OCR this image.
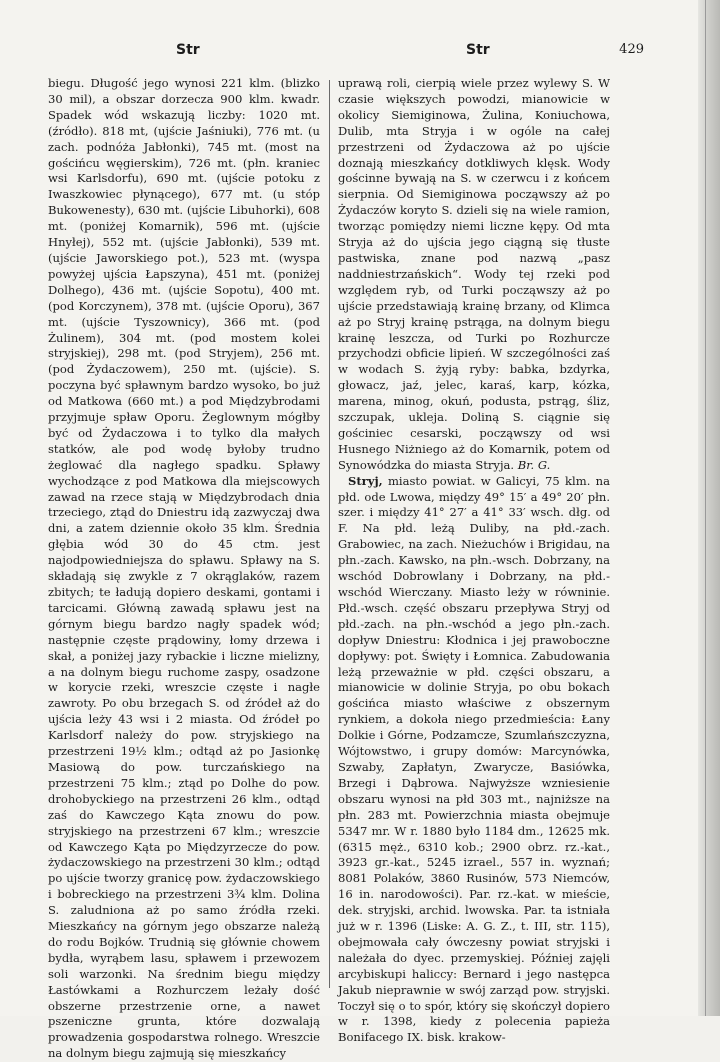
Str	Str	429

biegu. Długość jego wynosi 221 klm. (blizko 30 mil), a obszar dorzecza 900 klm. kwadr. Spadek wód wskazują liczby: 1020 mt. (źródło). 818 mt, (ujście Jaśniuki), 776 mt. (u zach. podnóża Jabłonki), 745 mt. (most na gościńcu węgierskim), 726 mt. (płn. kraniec wsi Karlsdorfu), 690 mt. (ujście potoku z Iwaszkowiec płynącego), 677 mt. (u stóp Bukowenesty), 630 mt. (ujście Libuhorki), 608 mt. (poniżej Komarnik), 596 mt. (ujście Hnyłej), 552 mt. (ujście Jabłonki), 539 mt. (ujście Jaworskiego pot.), 523 mt. (wyspa powyżej ujścia Łapszyna), 451 mt. (poniżej Dolhego), 436 mt. (ujście Sopotu), 400 mt. (pod Korczynem), 378 mt. (ujście Oporu), 367 mt. (ujście Tyszownicy), 366 mt. (pod Żulinem), 304 mt. (pod mostem kolei stryjskiej), 298 mt. (pod Stryjem), 256 mt. (pod Żydaczowem), 250 mt. (ujście). S. poczyna być spławnym bardzo wysoko, bo już od Matkowa (660 mt.) a pod Międzybrodami przyjmuje spław Oporu. Żeglownym mógłby być od Żydaczowa i to tylko dla małych statków, ale pod wodę byłoby trudno żeglować dla nagłego spadku. Spławy wychodzące z pod Matkowa dla miejscowych zawad na rzece stają w Międzybrodach dnia trzeciego, ztąd do Dniestru idą zazwyczaj dwa dni, a zatem dziennie około 35 klm. Średnia głębia wód 30 do 45 ctm. jest najodpowiedniejsza do spławu. Spławy na S. składają się zwykle z 7 okrąglaków, razem zbitych; te ładują dopiero deskami, gontami i tarcicami. Główną zawadą spławu jest na górnym biegu bardzo nagły spadek wód; następnie częste prądowiny, łomy drzewa i skał, a poniżej jazy rybackie i liczne mielizny, a na dolnym biegu ruchome zaspy, osadzone w korycie rzeki, wreszcie częste i nagłe zawroty. Po obu brzegach S. od źródeł aż do ujścia leży 43 wsi i 2 miasta. Od źródeł po Karlsdorf należy do pow. stryjskiego na przestrzeni 19½ klm.; odtąd aż po Jasionkę Masiową do pow. turczańskiego na przestrzeni 75 klm.; ztąd po Dolhe do pow. drohobyckiego na przestrzeni 26 klm., odtąd zaś do Kawczego Kąta znowu do pow. stryjskiego na przestrzeni 67 klm.; wreszcie od Kawczego Kąta po Międzyrzecze do pow. żydaczowskiego na przestrzeni 30 klm.; odtąd po ujście tworzy granicę pow. żydaczowskiego i bobreckiego na przestrzeni 3¾ klm. Dolina S. zaludniona aż po samo źródła rzeki. Mieszkańcy na górnym jego obszarze należą do rodu Bojków. Trudnią się głównie chowem bydła, wyrąbem lasu, spławem i przewozem soli warzonki. Na średnim biegu między Łastówkami a Rozhurczem leżały dość obszerne przestrzenie orne, a nawet pszeniczne grunta, które dozwalają prowadzenia gospodarstwa rolnego. Wreszcie na dolnym biegu zajmują się mieszkańcy

uprawą roli, cierpią wiele przez wylewy S. W czasie większych powodzi, mianowicie w okolicy Siemiginowa, Żulina, Koniuchowa, Dulib, mta Stryja i w ogóle na całej przestrzeni od Żydaczowa aż po ujście doznają mieszkańcy dotkliwych klęsk. Wody gościnne bywają na S. w czerwcu i z końcem sierpnia. Od Siemiginowa począwszy aż po Żydaczów koryto S. dzieli się na wiele ramion, tworząc pomiędzy niemi liczne kępy. Od mta Stryja aż do ujścia jego ciągną się tłuste pastwiska, znane pod nazwą „pasz naddniestrzańskich“. Wody tej rzeki pod względem ryb, od Turki począwszy aż po ujście przedstawiają krainę brzany, od Klimca aż po Stryj krainę pstrąga, na dolnym biegu krainę leszcza, od Turki po Rozhurcze przychodzi obficie lipień. W szczególności zaś w wodach S. żyją ryby: babka, bzdyrka, głowacz, jaź, jelec, karaś, karp, kózka, marena, minog, okuń, podusta, pstrąg, śliz, szczupak, ukleja. Doliną S. ciągnie się gościniec cesarski, począwszy od wsi Husnego Niżniego aż do Komarnik, potem od Synowódzka do miasta Stryja. Br. G.

Stryj, miasto powiat. w Galicyi, 75 klm. na płd. ode Lwowa, między 49° 15′ a 49° 20′ płn. szer. i między 41° 27′ a 41° 33′ wsch. dłg. od F. Na płd. leżą Duliby, na płd.-zach. Grabowiec, na zach. Nieżuchów i Brigidau, na płn.-zach. Kawsko, na płn.-wsch. Dobrzany, na wschód Dobrowlany i Dobrzany, na płd.-wschód Wierczany. Miasto leży w równinie. Płd.-wsch. część obszaru przepływa Stryj od płd.-zach. na płn.-wschód a jego płn.-zach. dopływ Dniestru: Kłodnica i jej prawoboczne dopływy: pot. Święty i Łomnica. Zabudowania leżą przeważnie w płd. części obszaru, a mianowicie w dolinie Stryja, po obu bokach gościńca miasto właściwe z obszernym rynkiem, a dokoła niego przedmieścia: Łany Dolkie i Górne, Podzamcze, Szumlańszczyzna, Wójtowstwo, i grupy domów: Marcynówka, Szwaby, Zapłatyn, Zwarycze, Basiówka, Brzegi i Dąbrowa. Najwyższe wzniesienie obszaru wynosi na płd 303 mt., najniższe na płn. 283 mt. Powierzchnia miasta obejmuje 5347 mr. W r. 1880 było 1184 dm., 12625 mk. (6315 męż., 6310 kob.; 2900 obrz. rz.-kat., 3923 gr.-kat., 5245 izrael., 557 in. wyznań; 8081 Polaków, 3860 Rusinów, 573 Niemców, 16 in. narodowości). Par. rz.-kat. w mieście, dek. stryjski, archid. lwowska. Par. ta istniała już w r. 1396 (Liske: A. G. Z., t. III, str. 115), obejmowała cały ówczesny powiat stryjski i należała do dyec. przemyskiej. Później zajęli arcybiskupi haliccy: Bernard i jego następca Jakub nieprawnie w swój zarząd pow. stryjski. Toczył się o to spór, który się skończył dopiero w r. 1398, kiedy z polecenia papieża Bonifacego IX. bisk. krakow-
